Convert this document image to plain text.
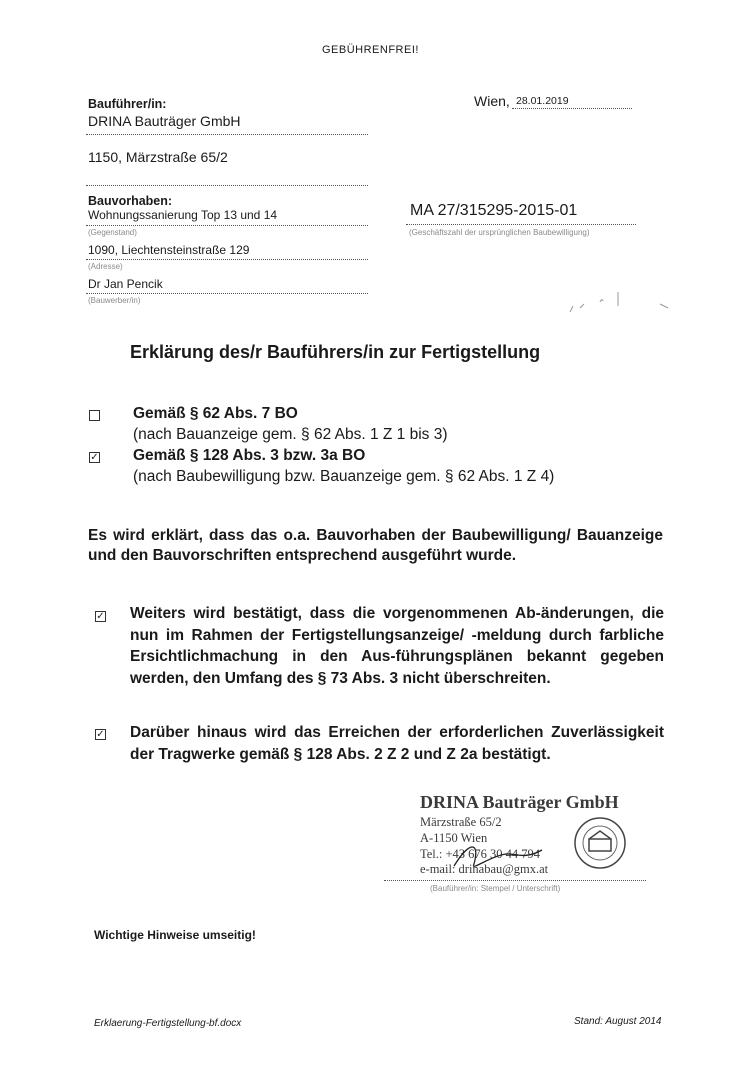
GEBÜHRENFREI!
Bauführer/in:
DRINA Bauträger GmbH
1150, Märzstraße 65/2
Wien, 28.01.2019
Bauvorhaben:
Wohnungssanierung Top 13 und 14
(Gegenstand)
1090, Liechtensteinstraße 129
(Adresse)
Dr Jan Pencik
(Bauwerber/in)
MA 27/315295-2015-01
(Geschäftszahl der ursprünglichen Baubewilligung)
Erklärung des/r Bauführers/in zur Fertigstellung
Gemäß § 62 Abs. 7 BO
(nach Bauanzeige gem. § 62 Abs. 1 Z 1 bis 3)
✓ Gemäß § 128 Abs. 3 bzw. 3a BO
(nach Baubewilligung bzw. Bauanzeige gem. § 62 Abs. 1 Z 4)
Es wird erklärt, dass das o.a. Bauvorhaben der Baubewilligung/ Bauanzeige und den Bauvorschriften entsprechend ausgeführt wurde.
✓ Weiters wird bestätigt, dass die vorgenommenen Ab-änderungen, die nun im Rahmen der Fertigstellungsanzeige/ -meldung durch farbliche Ersichtlichmachung in den Aus-führungsplänen bekannt gegeben werden, den Umfang des § 73 Abs. 3 nicht überschreiten.
✓ Darüber hinaus wird das Erreichen der erforderlichen Zuverlässigkeit der Tragwerke gemäß § 128 Abs. 2 Z 2 und Z 2a bestätigt.
DRINA Bauträger GmbH
Märzstraße 65/2
A-1150 Wien
Tel.: +43 676 30 44 794
e-mail: drinabau@gmx.at
(Bauführer/in: Stempel / Unterschrift)
Wichtige Hinweise umseitig!
Erklaerung-Fertigstellung-bf.docx	Stand: August 2014
